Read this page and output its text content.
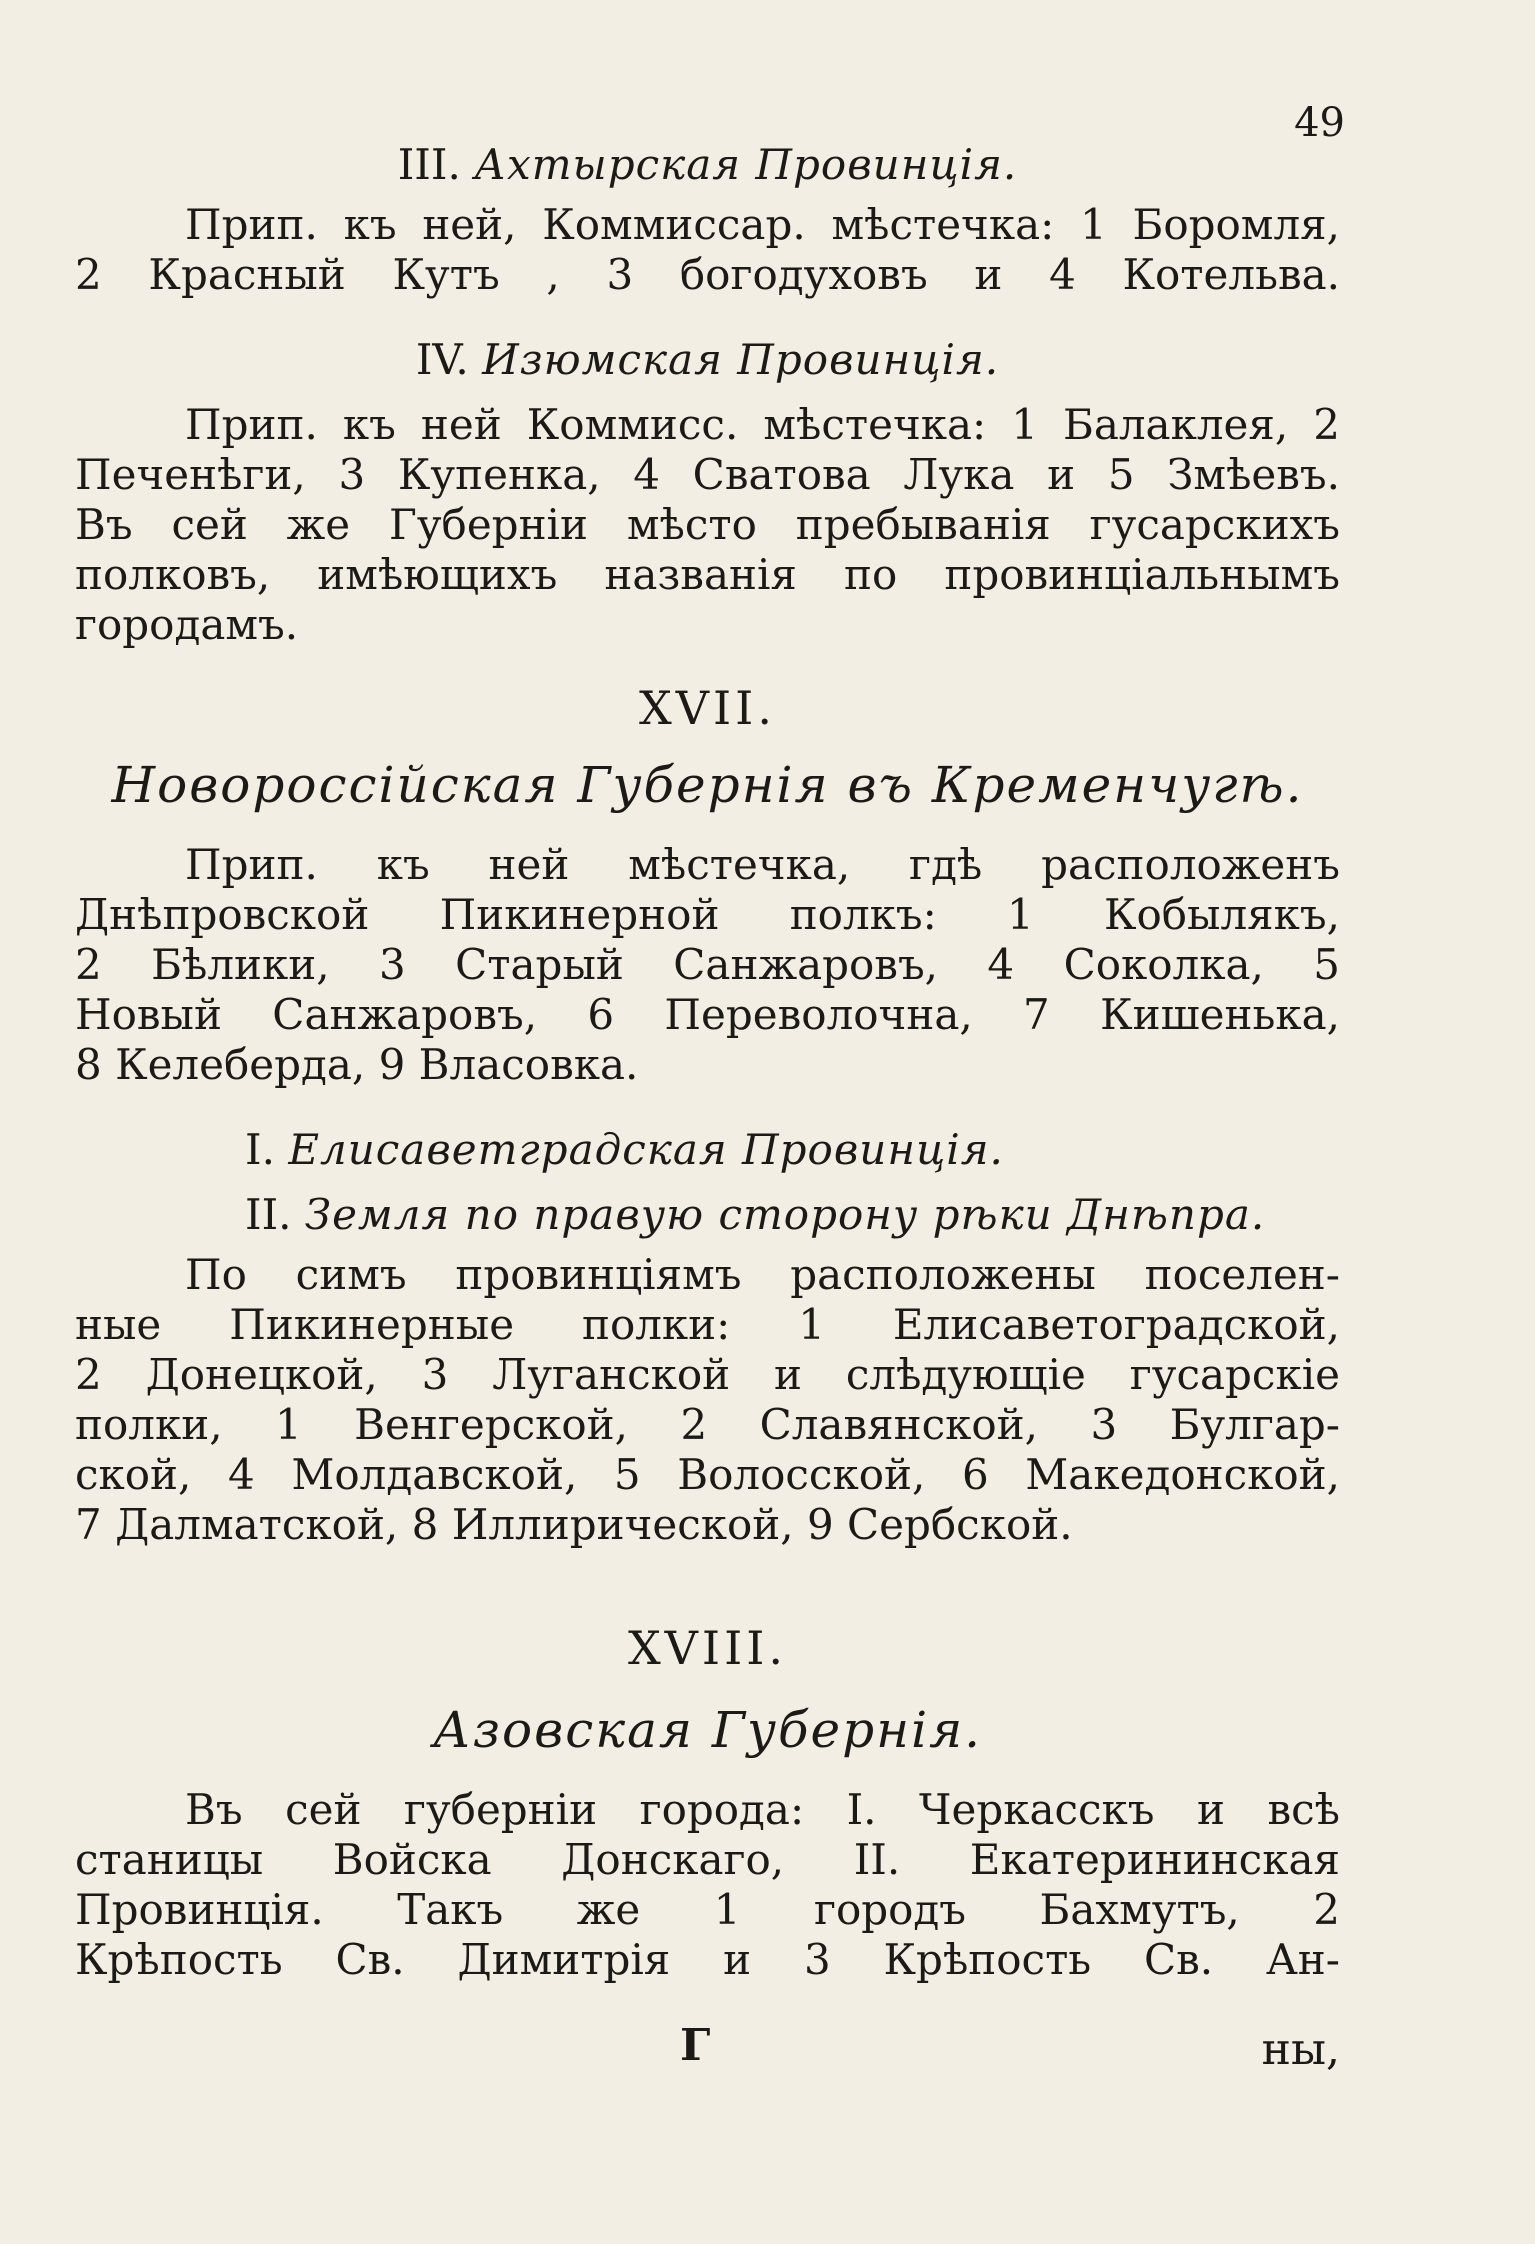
49
III. Ахтырская Провинція.
Прип. къ ней, Коммиссар. мѣстечка: 1 Боромля,
2 Красный Кутъ , 3 богодуховъ и 4 Котельва.
IV. Изюмская Провинція.
Прип. къ ней Коммисс. мѣстечка: 1 Балаклея, 2
Печенѣги, 3 Купенка, 4 Сватова Лука и 5 Змѣевъ.
Въ сей же Губерніи мѣсто пребыванія гусарскихъ
полковъ, имѣющихъ названія по провинціальнымъ
городамъ.
XVII.
Новороссійская Губернія въ Кременчугѣ.
Прип. къ ней мѣстечка, гдѣ расположенъ
Днѣпровской Пикинерной полкъ: 1 Кобылякъ,
2 Бѣлики, 3 Старый Санжаровъ, 4 Соколка, 5
Новый Санжаровъ, 6 Переволочна, 7 Кишенька,
8 Келеберда, 9 Власовка.
I. Елисаветградская Провинція.
II. Земля по правую сторону рѣки Днѣпра.
По симъ провинціямъ расположены поселен-
ные Пикинерные полки: 1 Елисаветоградской,
2 Донецкой, 3 Луганской и слѣдующіе гусарскіе
полки, 1 Венгерской, 2 Славянской, 3 Булгар-
ской, 4 Молдавской, 5 Волосской, 6 Македонской,
7 Далматской, 8 Иллирической, 9 Сербской.
XVIII.
Азовская Губернія.
Въ сей губерніи города: I. Черкасскъ и всѣ
станицы Войска Донскаго, II. Екатерининская
Провинція. Такъ же 1 городъ Бахмутъ, 2
Крѣпость Св. Димитрія и 3 Крѣпость Св. Ан-
Г	ны,
